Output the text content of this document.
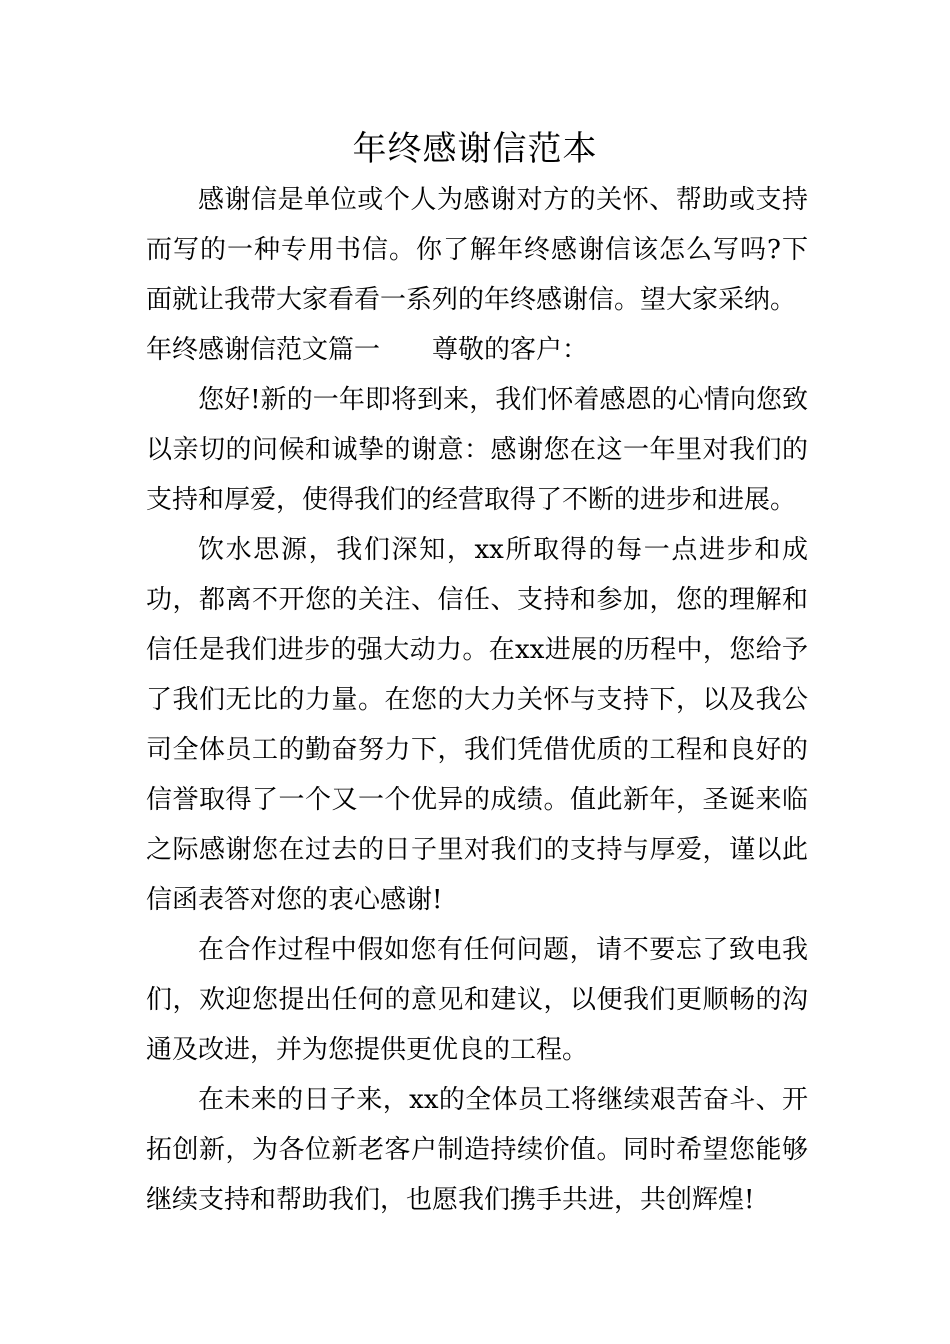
年终感谢信范本

感谢信是单位或个人为感谢对方的关怀、帮助或支持而写的一种专用书信。你了解年终感谢信该怎么写吗?下面就让我带大家看看一系列的年终感谢信。望大家采纳。

年终感谢信范文篇一 尊敬的客户：

您好!新的一年即将到来，我们怀着感恩的心情向您致以亲切的问候和诚挚的谢意：感谢您在这一年里对我们的支持和厚爱，使得我们的经营取得了不断的进步和进展。

饮水思源，我们深知，xx所取得的每一点进步和成功，都离不开您的关注、信任、支持和参加，您的理解和信任是我们进步的强大动力。在xx进展的历程中，您给予了我们无比的力量。在您的大力关怀与支持下，以及我公司全体员工的勤奋努力下，我们凭借优质的工程和良好的信誉取得了一个又一个优异的成绩。值此新年，圣诞来临之际感谢您在过去的日子里对我们的支持与厚爱，谨以此信函表答对您的衷心感谢!

在合作过程中假如您有任何问题，请不要忘了致电我们，欢迎您提出任何的意见和建议，以便我们更顺畅的沟通及改进，并为您提供更优良的工程。

在未来的日子来，xx的全体员工将继续艰苦奋斗、开拓创新，为各位新老客户制造持续价值。同时希望您能够继续支持和帮助我们，也愿我们携手共进，共创辉煌!
